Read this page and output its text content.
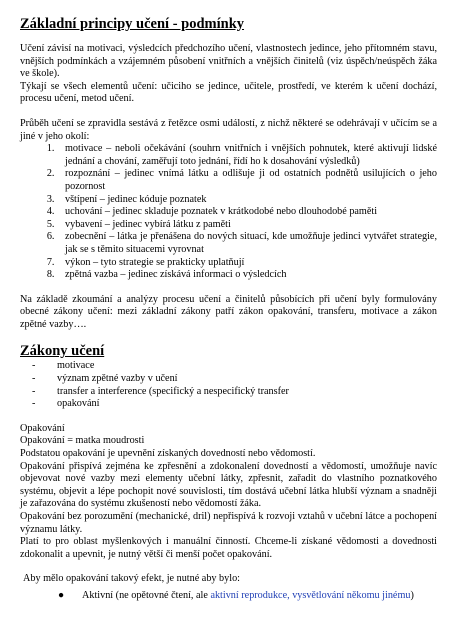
Základní principy učení - podmínky

Učení závisí na motivaci, výsledcích předchozího učení, vlastnostech jedince, jeho přítomném stavu, vnějších podmínkách a vzájemném působení vnitřních a vnějších činitelů (viz úspěch/neúspěch žáka ve škole).

Týkají se všech elementů učení: učiciho se jedince, učitele, prostředí, ve kterém k učení dochází, procesu učení, metod učení.

Průběh učení se zpravidla sestává z řetězce osmi událostí, z nichž některé se odehrávají v učícím se a jiné v jeho okolí:

1. motivace – neboli očekávání (souhrn vnitřních i vnějších pohnutek, které aktivují lidské jednání a chování, zaměřují toto jednání, řídí ho k dosahování výsledků)
2. rozpoznání – jedinec vnímá látku a odlišuje ji od ostatních podnětů usilujících o jeho pozornost
3. vštípení – jedinec kóduje poznatek
4. uchování – jedinec skladuje poznatek v krátkodobé nebo dlouhodobé paměti
5. vybavení – jedinec vybírá látku z paměti
6. zobecnění – látka je přenášena do nových situací, kde umožňuje jedinci vytvářet strategie, jak se s těmito situacemi vyrovnat
7. výkon – tyto strategie se prakticky uplatňují
8. zpětná vazba – jedinec získává informaci o výsledcích

Na základě zkoumání a analýzy procesu učení a činitelů působících při učení byly formulovány obecné zákony učení: mezi základní zákony patří zákon opakování, transferu, motivace a zákon zpětné vazby….

Zákony učení
- motivace
- význam zpětné vazby v učení
- transfer a interference (specifický a nespecifický transfer
- opakování

Opakování

Opakování = matka moudrosti

Podstatou opakování je upevnění získaných dovedností nebo vědomostí.

Opakování přispívá zejména ke zpřesnění a zdokonalení dovedností a vědomostí, umožňuje navíc objevovat nové vazby mezi elementy učební látky, zpřesnit, zařadit do vlastního poznatkového systému, objevit a lépe pochopit nové souvislosti, tím dostává učební látka hlubší význam a snadněji je zařazována do systému zkušeností nebo vědomostí žáka.

Opakování bez porozumění (mechanické, dril) nepřispívá k rozvoji vztahů v učební látce a pochopení významu látky.

Platí to pro oblast myšlenkových i manuální činností. Chceme-li získané vědomosti a dovednosti zdokonalit a upevnit, je nutný větší či menší počet opakování.

Aby mělo opakování takový efekt, je nutné aby bylo:

● Aktivní (ne opětovné čtení, ale aktivní reprodukce, vysvětlování někomu jinému)
